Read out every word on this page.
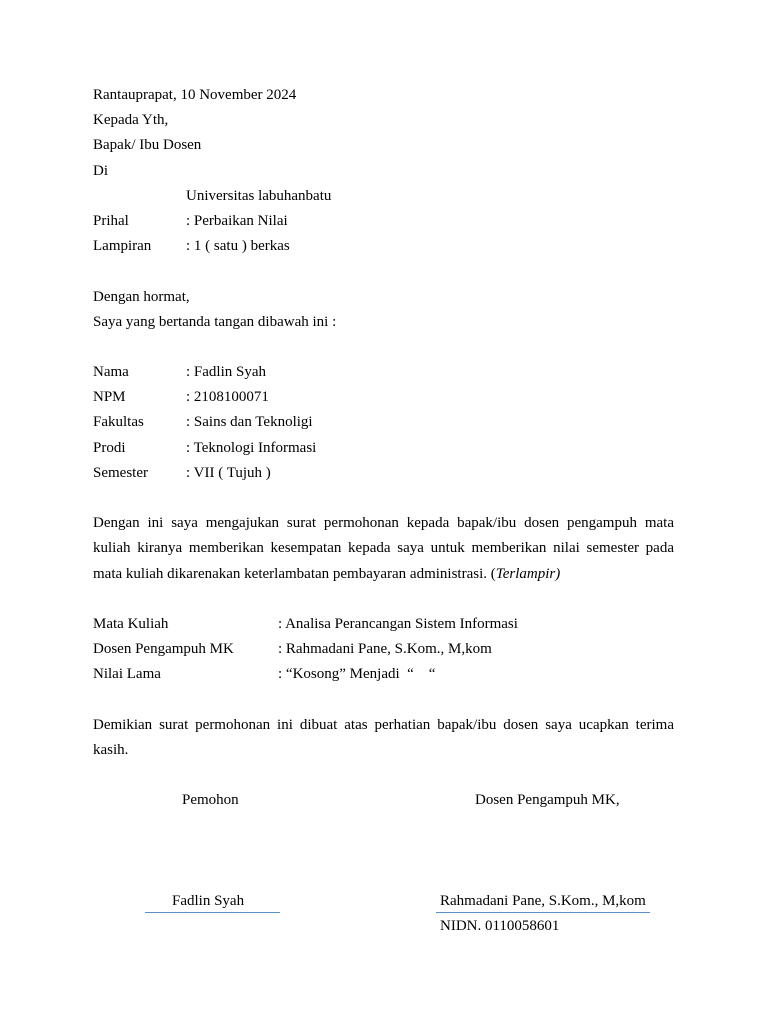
Rantauprapat, 10 November 2024
Kepada Yth,
Bapak/ Ibu Dosen
Di
Universitas labuhanbatu
Prihal	: Perbaikan Nilai
Lampiran	: 1 ( satu ) berkas
Dengan hormat,
Saya yang bertanda tangan dibawah ini :
Nama	: Fadlin Syah
NPM	: 2108100071
Fakultas	: Sains dan Teknoligi
Prodi	: Teknologi Informasi
Semester	: VII ( Tujuh )
Dengan ini saya mengajukan surat permohonan kepada bapak/ibu dosen pengampuh mata kuliah kiranya memberikan kesempatan kepada saya untuk memberikan nilai semester pada mata kuliah dikarenakan keterlambatan pembayaran administrasi. (Terlampir)
Mata Kuliah	: Analisa Perancangan Sistem Informasi
Dosen Pengampuh MK	: Rahmadani Pane, S.Kom., M,kom
Nilai Lama	: “Kosong” Menjadi  “    “
Demikian surat permohonan ini dibuat atas perhatian bapak/ibu dosen saya ucapkan terima kasih.
Pemohon	Dosen Pengampuh MK,
Fadlin Syah	Rahmadani Pane, S.Kom., M,kom
NIDN. 0110058601
